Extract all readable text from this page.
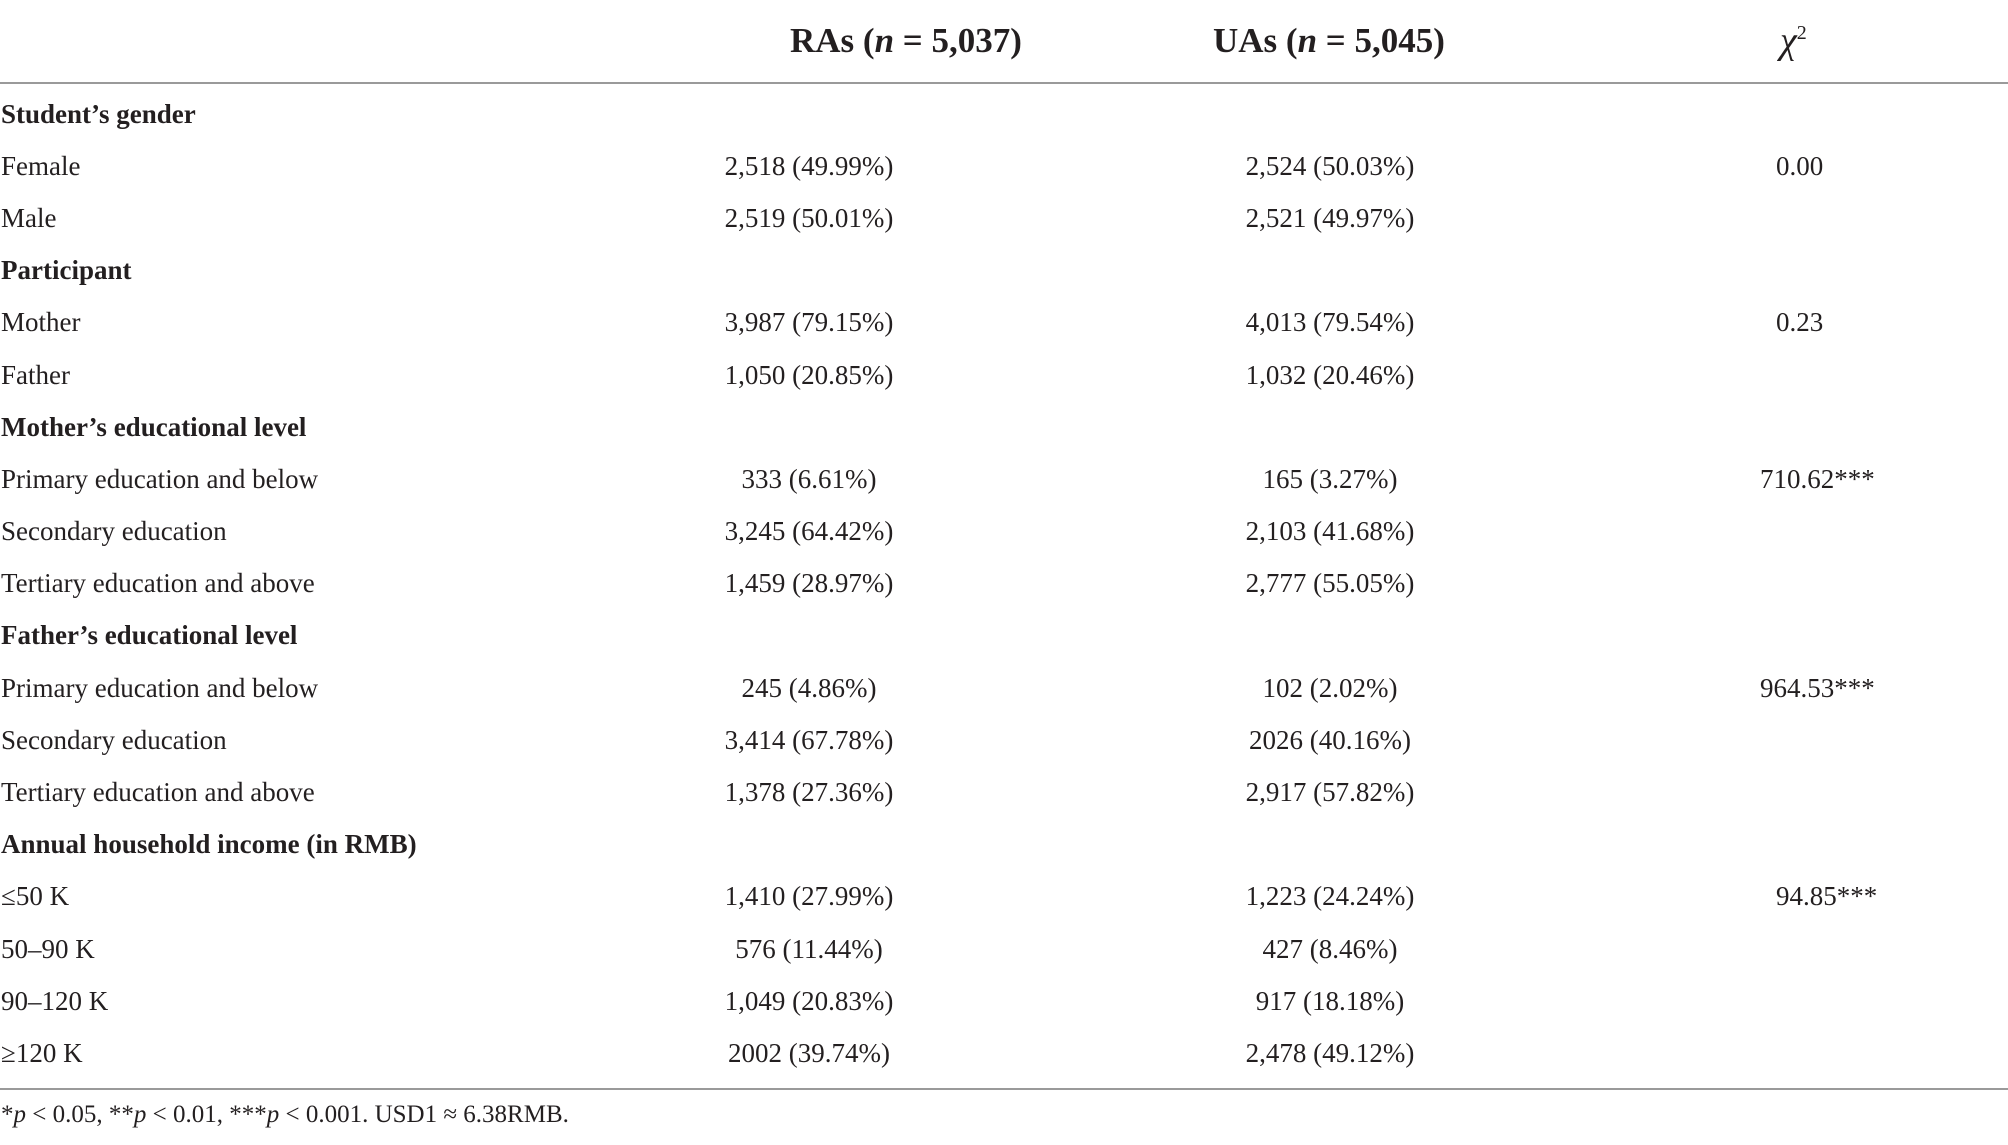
	RAs (n = 5,037)	UAs (n = 5,045)	$\chi^2$
Student’s gender			
Female	2,518 (49.99%)	2,524 (50.03%)	0.00
Male	2,519 (50.01%)	2,521 (49.97%)	
Participant			
Mother	3,987 (79.15%)	4,013 (79.54%)	0.23
Father	1,050 (20.85%)	1,032 (20.46%)	
Mother’s educational level			
Primary education and below	333 (6.61%)	165 (3.27%)	710.62***
Secondary education	3,245 (64.42%)	2,103 (41.68%)	
Tertiary education and above	1,459 (28.97%)	2,777 (55.05%)	
Father’s educational level			
Primary education and below	245 (4.86%)	102 (2.02%)	964.53***
Secondary education	3,414 (67.78%)	2026 (40.16%)	
Tertiary education and above	1,378 (27.36%)	2,917 (57.82%)	
Annual household income (in RMB)			
≤50 K	1,410 (27.99%)	1,223 (24.24%)	94.85***
50–90 K	576 (11.44%)	427 (8.46%)	
90–120 K	1,049 (20.83%)	917 (18.18%)	
≥120 K	2002 (39.74%)	2,478 (49.12%)	
*p < 0.05, **p < 0.01, ***p < 0.001. USD1 ≈ 6.38RMB.
